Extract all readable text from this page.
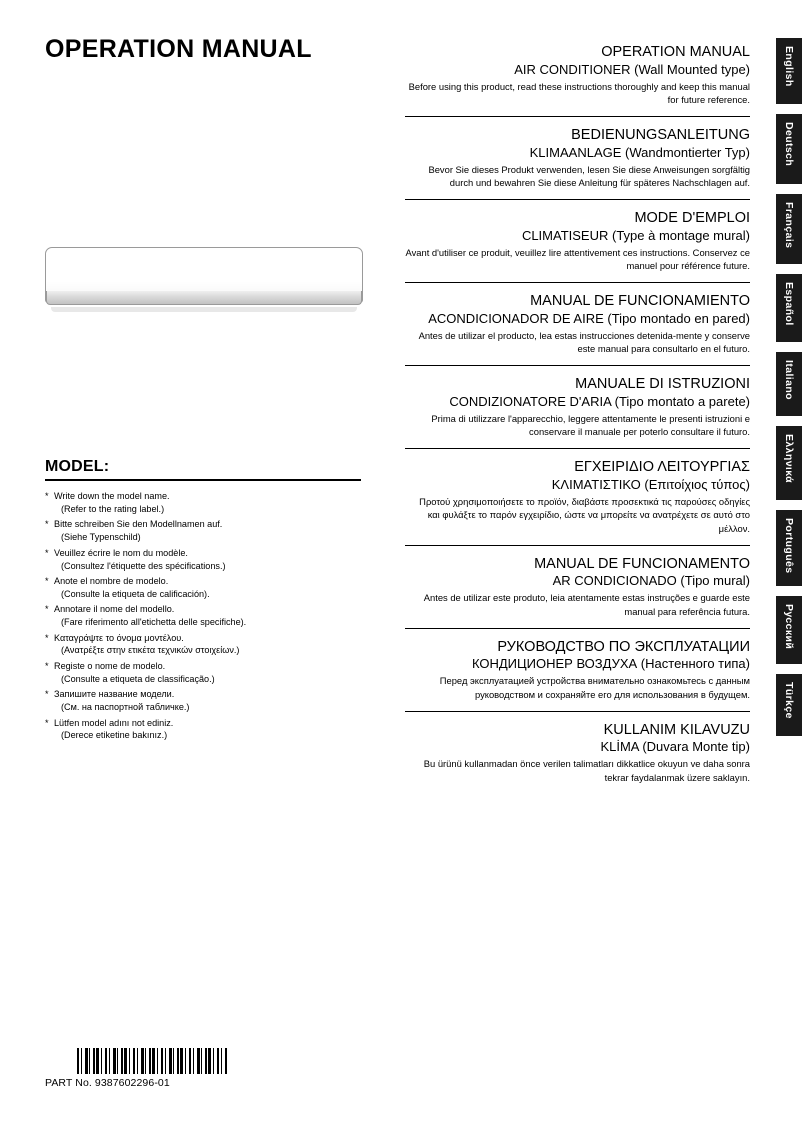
OPERATION MANUAL
MODEL:
* Write down the model name.
(Refer to the rating label.)
* Bitte schreiben Sie den Modellnamen auf.
(Siehe Typenschild)
* Veuillez écrire le nom du modèle.
(Consultez l'étiquette des spécifications.)
* Anote el nombre de modelo.
(Consulte la etiqueta de calificación).
* Annotare il nome del modello.
(Fare riferimento all'etichetta delle specifiche).
* Καταγράψτε το όνομα μοντέλου.
(Ανατρέξτε στην ετικέτα τεχνικών στοιχείων.)
* Registe o nome de modelo.
(Consulte a etiqueta de classificação.)
* Запишите название модели.
(См. на паспортной табличке.)
* Lütfen model adını not ediniz.
(Derece etiketine bakınız.)
PART No. 9387602296-01
OPERATION MANUAL
AIR CONDITIONER (Wall Mounted type)
Before using this product, read these instructions thoroughly and keep this manual for future reference.
BEDIENUNGSANLEITUNG
KLIMAANLAGE (Wandmontierter Typ)
Bevor Sie dieses Produkt verwenden, lesen Sie diese Anweisungen sorgfältig durch und bewahren Sie diese Anleitung für späteres Nachschlagen auf.
MODE D'EMPLOI
CLIMATISEUR (Type à montage mural)
Avant d'utiliser ce produit, veuillez lire attentivement ces instructions. Conservez ce manuel pour référence future.
MANUAL DE FUNCIONAMIENTO
ACONDICIONADOR DE AIRE (Tipo montado en pared)
Antes de utilizar el producto, lea estas instrucciones detenida-mente y conserve este manual para consultarlo en el futuro.
MANUALE DI ISTRUZIONI
CONDIZIONATORE D'ARIA (Tipo montato a parete)
Prima di utilizzare l'apparecchio, leggere attentamente le presenti istruzioni e conservare il manuale per poterlo consultare il futuro.
ΕΓΧΕΙΡΙΔΙΟ ΛΕΙΤΟΥΡΓΙΑΣ
ΚΛΙΜΑΤΙΣΤΙΚΟ (Επιτοίχιος τύπος)
Προτού χρησιμοποιήσετε το προϊόν, διαβάστε προσεκτικά τις παρούσες οδηγίες και φυλάξτε το παρόν εγχειρίδιο, ώστε να μπορείτε να ανατρέχετε σε αυτό στο μέλλον.
MANUAL DE FUNCIONAMENTO
AR CONDICIONADO (Tipo mural)
Antes de utilizar este produto, leia atentamente estas instruções e guarde este manual para referência futura.
РУКОВОДСТВО ПО ЭКСПЛУАТАЦИИ
КОНДИЦИОНЕР ВОЗДУХА (Настенного типа)
Перед эксплуатацией устройства внимательно ознакомьтесь с данным руководством и сохраняйте его для использования в будущем.
KULLANIM KILAVUZU
KLİMA (Duvara Monte tip)
Bu ürünü kullanmadan önce verilen talimatları dikkatlice okuyun ve daha sonra tekrar faydalanmak üzere saklayın.
English
Deutsch
Français
Español
Italiano
Ελληνικά
Português
Русский
Türkçe
